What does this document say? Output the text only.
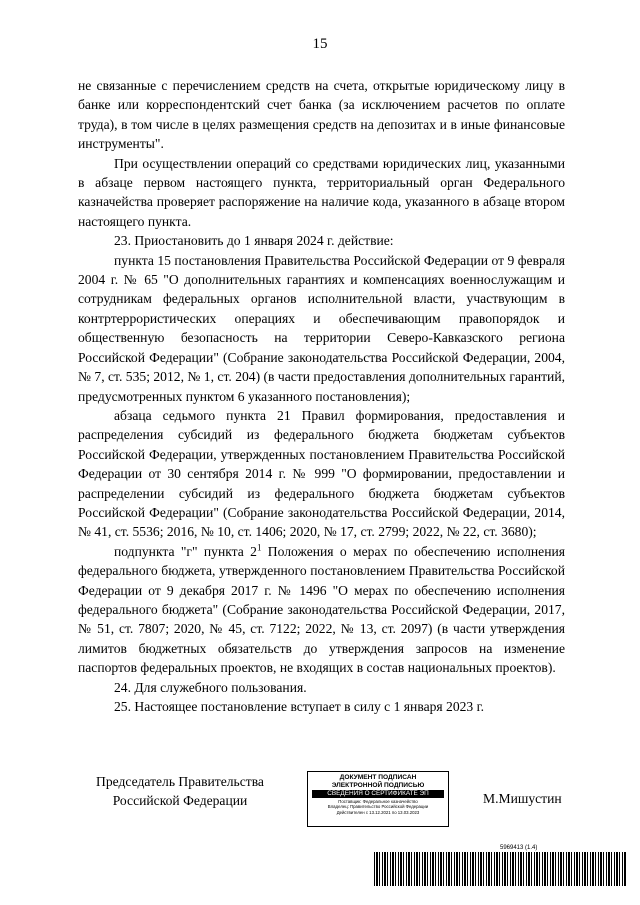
15

не связанные с перечислением средств на счета, открытые юридическому лицу в банке или корреспондентский счет банка (за исключением расчетов по оплате труда), в том числе в целях размещения средств на депозитах и в иные финансовые инструменты".

При осуществлении операций со средствами юридических лиц, указанными в абзаце первом настоящего пункта, территориальный орган Федерального казначейства проверяет распоряжение на наличие кода, указанного в абзаце втором настоящего пункта.

23. Приостановить до 1 января 2024 г. действие:

пункта 15 постановления Правительства Российской Федерации от 9 февраля 2004 г. № 65 "О дополнительных гарантиях и компенсациях военнослужащим и сотрудникам федеральных органов исполнительной власти, участвующим в контртеррористических операциях и обеспечивающим правопорядок и общественную безопасность на территории Северо-Кавказского региона Российской Федерации" (Собрание законодательства Российской Федерации, 2004, № 7, ст. 535; 2012, № 1, ст. 204) (в части предоставления дополнительных гарантий, предусмотренных пунктом 6 указанного постановления);

абзаца седьмого пункта 21 Правил формирования, предоставления и распределения субсидий из федерального бюджета бюджетам субъектов Российской Федерации, утвержденных постановлением Правительства Российской Федерации от 30 сентября 2014 г. № 999 "О формировании, предоставлении и распределении субсидий из федерального бюджета бюджетам субъектов Российской Федерации" (Собрание законодательства Российской Федерации, 2014, № 41, ст. 5536; 2016, № 10, ст. 1406; 2020, № 17, ст. 2799; 2022, № 22, ст. 3680);

подпункта "г" пункта $2^1$ Положения о мерах по обеспечению исполнения федерального бюджета, утвержденного постановлением Правительства Российской Федерации от 9 декабря 2017 г. № 1496 "О мерах по обеспечению исполнения федерального бюджета" (Собрание законодательства Российской Федерации, 2017, № 51, ст. 7807; 2020, № 45, ст. 7122; 2022, № 13, ст. 2097) (в части утверждения лимитов бюджетных обязательств до утверждения запросов на изменение паспортов федеральных проектов, не входящих в состав национальных проектов).

24. Для служебного пользования.

25. Настоящее постановление вступает в силу с 1 января 2023 г.

Председатель Правительства
Российской Федерации
ДОКУМЕНТ ПОДПИСАН
ЭЛЕКТРОННОЙ ПОДПИСЬЮ
СВЕДЕНИЯ О СЕРТИФИКАТЕ ЭП
Поставщик: Федеральное казначейство
Владелец: Правительство Российской Федерации
Действителен с 13.12.2021 по 13.03.2023
М.Мишустин
5969413 (1.4)
